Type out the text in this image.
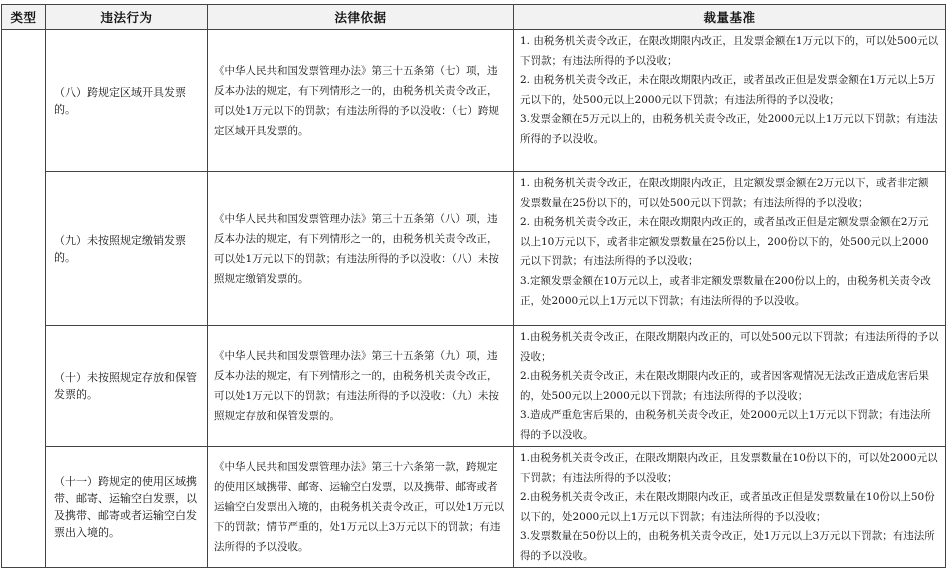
类型	违法行为	法律依据	裁量基准
	（八）跨规定区域开具发票的。	《中华人民共和国发票管理办法》第三十五条第（七）项，违反本办法的规定，有下列情形之一的，由税务机关责令改正，可以处1万元以下的罚款；有违法所得的予以没收：（七）跨规定区域开具发票的。	1. 由税务机关责令改正，在限改期限内改正，且发票金额在1万元以下的，可以处500元以下罚款；有违法所得的予以没收；

2. 由税务机关责令改正，未在限改期限内改正，或者虽改正但是发票金额在1万元以上5万元以下的，处500元以上2000元以下罚款；有违法所得的予以没收；

3.发票金额在5万元以上的，由税务机关责令改正，处2000元以上1万元以下罚款；有违法所得的予以没收。

	（九）未按照规定缴销发票的。	《中华人民共和国发票管理办法》第三十五条第（八）项，违反本办法的规定，有下列情形之一的，由税务机关责令改正，可以处1万元以下的罚款；有违法所得的予以没收：（八）未按照规定缴销发票的。	1. 由税务机关责令改正，在限改期限内改正，且定额发票金额在2万元以下，或者非定额发票数量在25份以下的，可以处500元以下罚款；有违法所得的予以没收；

2. 由税务机关责令改正，未在限改期限内改正的，或者虽改正但是定额发票金额在2万元以上10万元以下，或者非定额发票数量在25份以上，200份以下的，处500元以上2000元以下罚款；有违法所得的予以没收；

3.定额发票金额在10万元以上，或者非定额发票数量在200份以上的，由税务机关责令改正，处2000元以上1万元以下罚款；有违法所得的予以没收。

	（十）未按照规定存放和保管发票的。	《中华人民共和国发票管理办法》第三十五条第（九）项，违反本办法的规定，有下列情形之一的，由税务机关责令改正，可以处1万元以下的罚款；有违法所得的予以没收：（九）未按照规定存放和保管发票的。	1.由税务机关责令改正，在限改期限内改正的，可以处500元以下罚款；有违法所得的予以没收；

2.由税务机关责令改正，未在限改期限内改正的，或者因客观情况无法改正造成危害后果的，处500元以上2000元以下罚款；有违法所得的予以没收；

3.造成严重危害后果的，由税务机关责令改正，处2000元以上1万元以下罚款；有违法所得的予以没收。

	（十一）跨规定的使用区域携带、邮寄、运输空白发票，以及携带、邮寄或者运输空白发票出入境的。	《中华人民共和国发票管理办法》第三十六条第一款，跨规定的使用区域携带、邮寄、运输空白发票，以及携带、邮寄或者运输空白发票出入境的，由税务机关责令改正，可以处1万元以下的罚款；情节严重的，处1万元以上3万元以下的罚款；有违法所得的予以没收。	1.由税务机关责令改正，在限改期限内改正，且发票数量在10份以下的，可以处2000元以下罚款；有违法所得的予以没收；

2.由税务机关责令改正，未在限改期限内改正，或者虽改正但是发票数量在10份以上50份以下的，处2000元以上1万元以下罚款；有违法所得的予以没收；

3.发票数量在50份以上的，由税务机关责令改正，处1万元以上3万元以下罚款；有违法所得的予以没收。
